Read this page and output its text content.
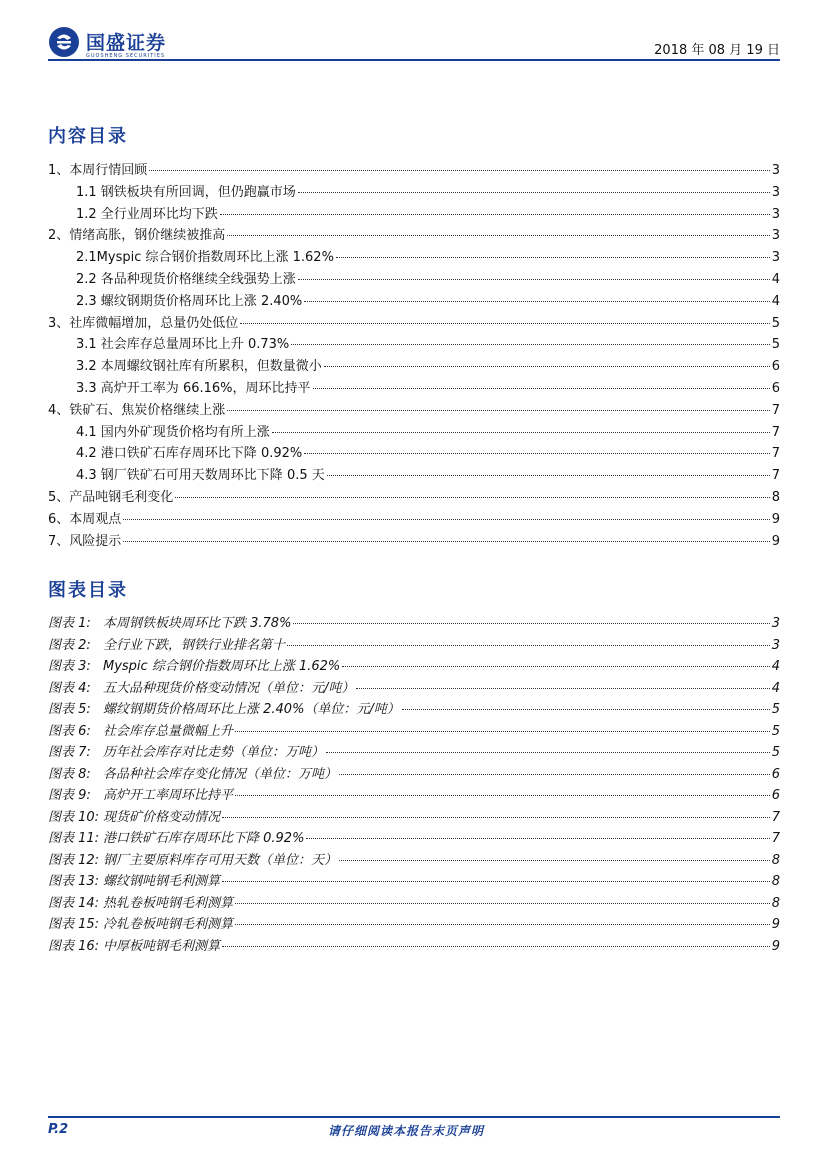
国盛证券
GUOSHENG SECURITIES	2018 年 08 月 19 日
内容目录
1、本周行情回顾	3
1.1 钢铁板块有所回调，但仍跑赢市场	3
1.2 全行业周环比均下跌	3
2、情绪高胀，钢价继续被推高	3
2.1Myspic 综合钢价指数周环比上涨 1.62%	3
2.2 各品种现货价格继续全线强势上涨	4
2.3 螺纹钢期货价格周环比上涨 2.40%	4
3、社库微幅增加，总量仍处低位	5
3.1 社会库存总量周环比上升 0.73%	5
3.2 本周螺纹钢社库有所累积，但数量微小	6
3.3 高炉开工率为 66.16%，周环比持平	6
4、铁矿石、焦炭价格继续上涨	7
4.1 国内外矿现货价格均有所上涨	7
4.2 港口铁矿石库存周环比下降 0.92%	7
4.3 钢厂铁矿石可用天数周环比下降 0.5 天	7
5、产品吨钢毛利变化	8
6、本周观点	9
7、风险提示	9
图表目录
图表 1: 本周钢铁板块周环比下跌 3.78%	3
图表 2: 全行业下跌，钢铁行业排名第十	3
图表 3: Myspic 综合钢价指数周环比上涨 1.62%	4
图表 4: 五大品种现货价格变动情况（单位：元/吨）	4
图表 5: 螺纹钢期货价格周环比上涨 2.40%（单位：元/吨）	5
图表 6: 社会库存总量微幅上升	5
图表 7: 历年社会库存对比走势（单位：万吨）	5
图表 8: 各品种社会库存变化情况（单位：万吨）	6
图表 9: 高炉开工率周环比持平	6
图表 10: 现货矿价格变动情况	7
图表 11: 港口铁矿石库存周环比下降 0.92%	7
图表 12: 钢厂主要原料库存可用天数（单位：天）	8
图表 13: 螺纹钢吨钢毛利测算	8
图表 14: 热轧卷板吨钢毛利测算	8
图表 15: 冷轧卷板吨钢毛利测算	9
图表 16: 中厚板吨钢毛利测算	9
P.2	请仔细阅读本报告末页声明
